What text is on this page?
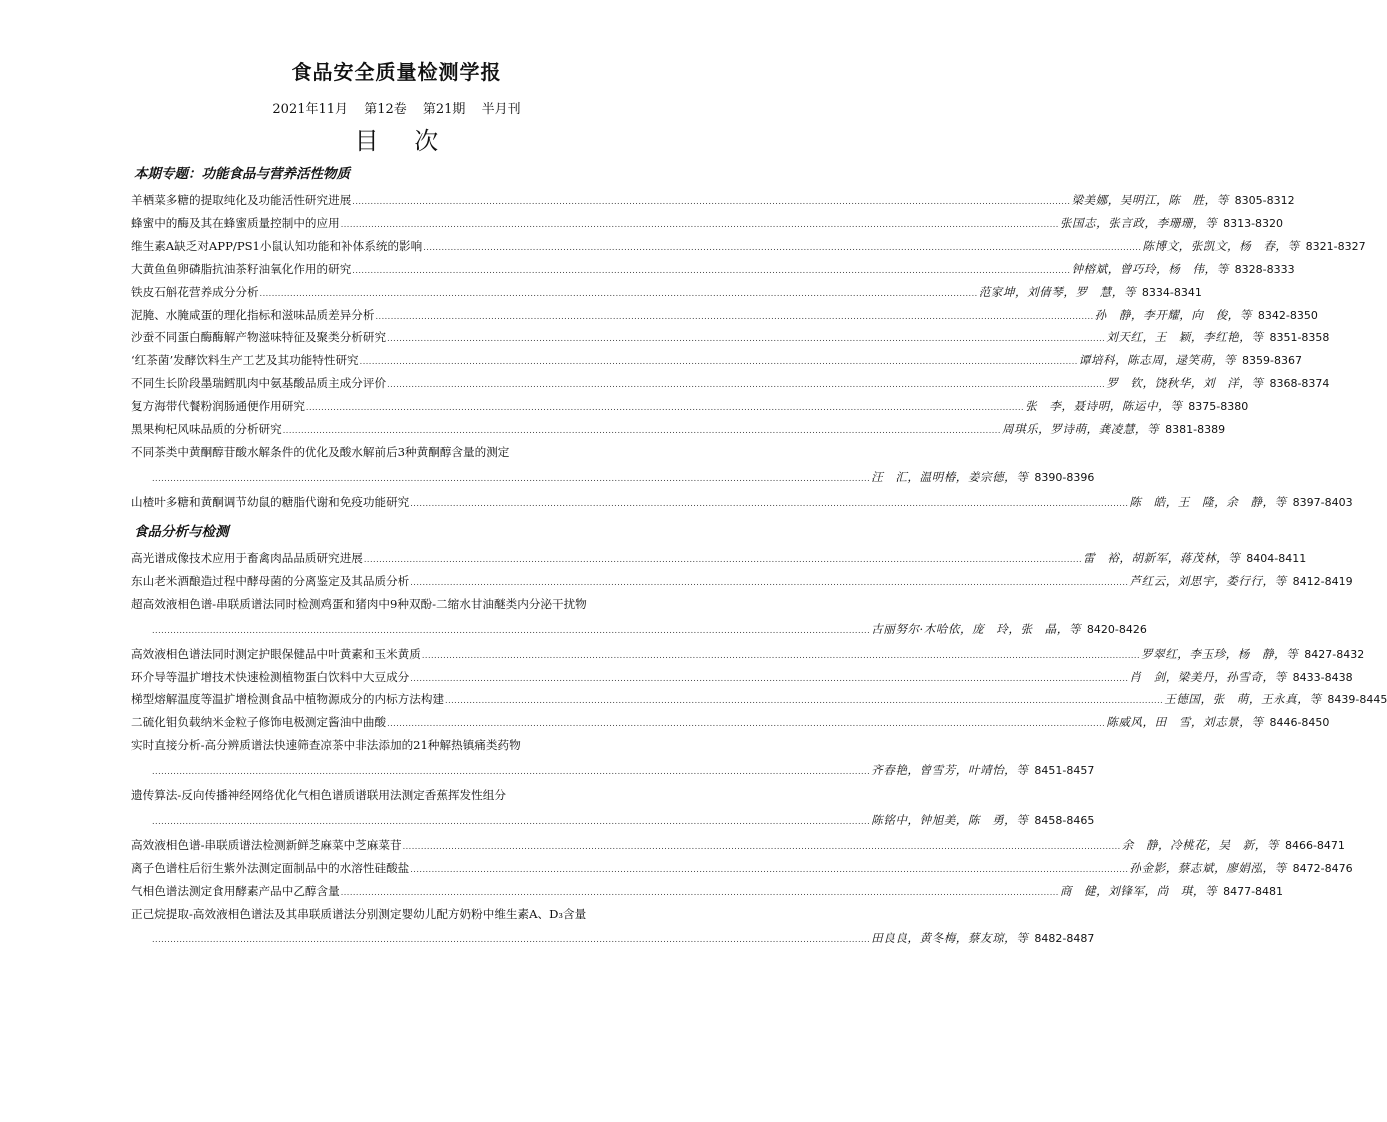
食品安全质量检测学报
2021年11月 第12卷 第21期 半月刊
目 次
本期专题：功能食品与营养活性物质
羊栖菜多糖的提取纯化及功能活性研究进展 .....	梁美娜，吴明江，陈　胜，等 8305-8312
蜂蜜中的酶及其在蜂蜜质量控制中的应用 .....	张国志，张言政，李珊珊，等 8313-8320
维生素A缺乏对APP/PS1小鼠认知功能和补体系统的影响 .....	陈博文，张凯文，杨　春，等 8321-8327
大黄鱼鱼卵磷脂抗油茶籽油氧化作用的研究 .....	钟榕斌，曾巧玲，杨　伟，等 8328-8333
铁皮石斛花营养成分分析 .....	范家坤，刘倩琴，罗　慧，等 8334-8341
泥腌、水腌咸蛋的理化指标和滋味品质差异分析 .....	孙　静，李开耀，向　俊，等 8342-8350
沙蚕不同蛋白酶酶解产物滋味特征及聚类分析研究 .....	刘天红，王　颖，李红艳，等 8351-8358
‘红茶菌’发酵饮料生产工艺及其功能特性研究 .....	谭培科，陈志周，逯笑萌，等 8359-8367
不同生长阶段墨瑞鳕肌肉中氨基酸品质主成分评价 .....	罗　钦，饶秋华，刘　洋，等 8368-8374
复方海带代餐粉润肠通便作用研究 .....	张　李，聂诗明，陈运中，等 8375-8380
黑果枸杞风味品质的分析研究 .....	周琪乐，罗诗萌，龚凌慧，等 8381-8389
不同茶类中黄酮醇苷酸水解条件的优化及酸水解前后3种黄酮醇含量的测定
.....
汪　汇，温明椿，姜宗德，等 8390-8396
山楂叶多糖和黄酮调节幼鼠的糖脂代谢和免疫功能研究 .....	陈　皓，王　隆，余　静，等 8397-8403
食品分析与检测
高光谱成像技术应用于畜禽肉品品质研究进展 .....	雷　裕，胡新军，蒋茂林，等 8404-8411
东山老米酒酿造过程中酵母菌的分离鉴定及其品质分析 .....	芦红云，刘思宇，娄行行，等 8412-8419
超高效液相色谱-串联质谱法同时检测鸡蛋和猪肉中9种双酚-二缩水甘油醚类内分泌干扰物
.....
古丽努尔·木哈依，庞　玲，张　晶，等 8420-8426
高效液相色谱法同时测定护眼保健品中叶黄素和玉米黄质 .....	罗翠红，李玉珍，杨　静，等 8427-8432
环介导等温扩增技术快速检测植物蛋白饮料中大豆成分 .....	肖　剑，梁美丹，孙雪奇，等 8433-8438
梯型熔解温度等温扩增检测食品中植物源成分的内标方法构建 .....	王德国，张　萌，王永真，等 8439-8445
二硫化钼负载纳米金粒子修饰电极测定酱油中曲酸 .....	陈威风，田　雪，刘志景，等 8446-8450
实时直接分析-高分辨质谱法快速筛查凉茶中非法添加的21种解热镇痛类药物
.....
齐春艳，曾雪芳，叶靖怡，等 8451-8457
遗传算法-反向传播神经网络优化气相色谱质谱联用法测定香蕉挥发性组分
.....
陈铭中，钟旭美，陈　勇，等 8458-8465
高效液相色谱-串联质谱法检测新鲜芝麻菜中芝麻菜苷 .....	余　静，冷桃花，吴　新，等 8466-8471
离子色谱柱后衍生紫外法测定面制品中的水溶性硅酸盐 .....	孙金影，蔡志斌，廖娟泓，等 8472-8476
气相色谱法测定食用酵素产品中乙醇含量 .....	商　健，刘锋军，尚　琪，等 8477-8481
正己烷提取-高效液相色谱法及其串联质谱法分别测定婴幼儿配方奶粉中维生素A、D₃含量
.....
田良良，黄冬梅，蔡友琼，等 8482-8487
